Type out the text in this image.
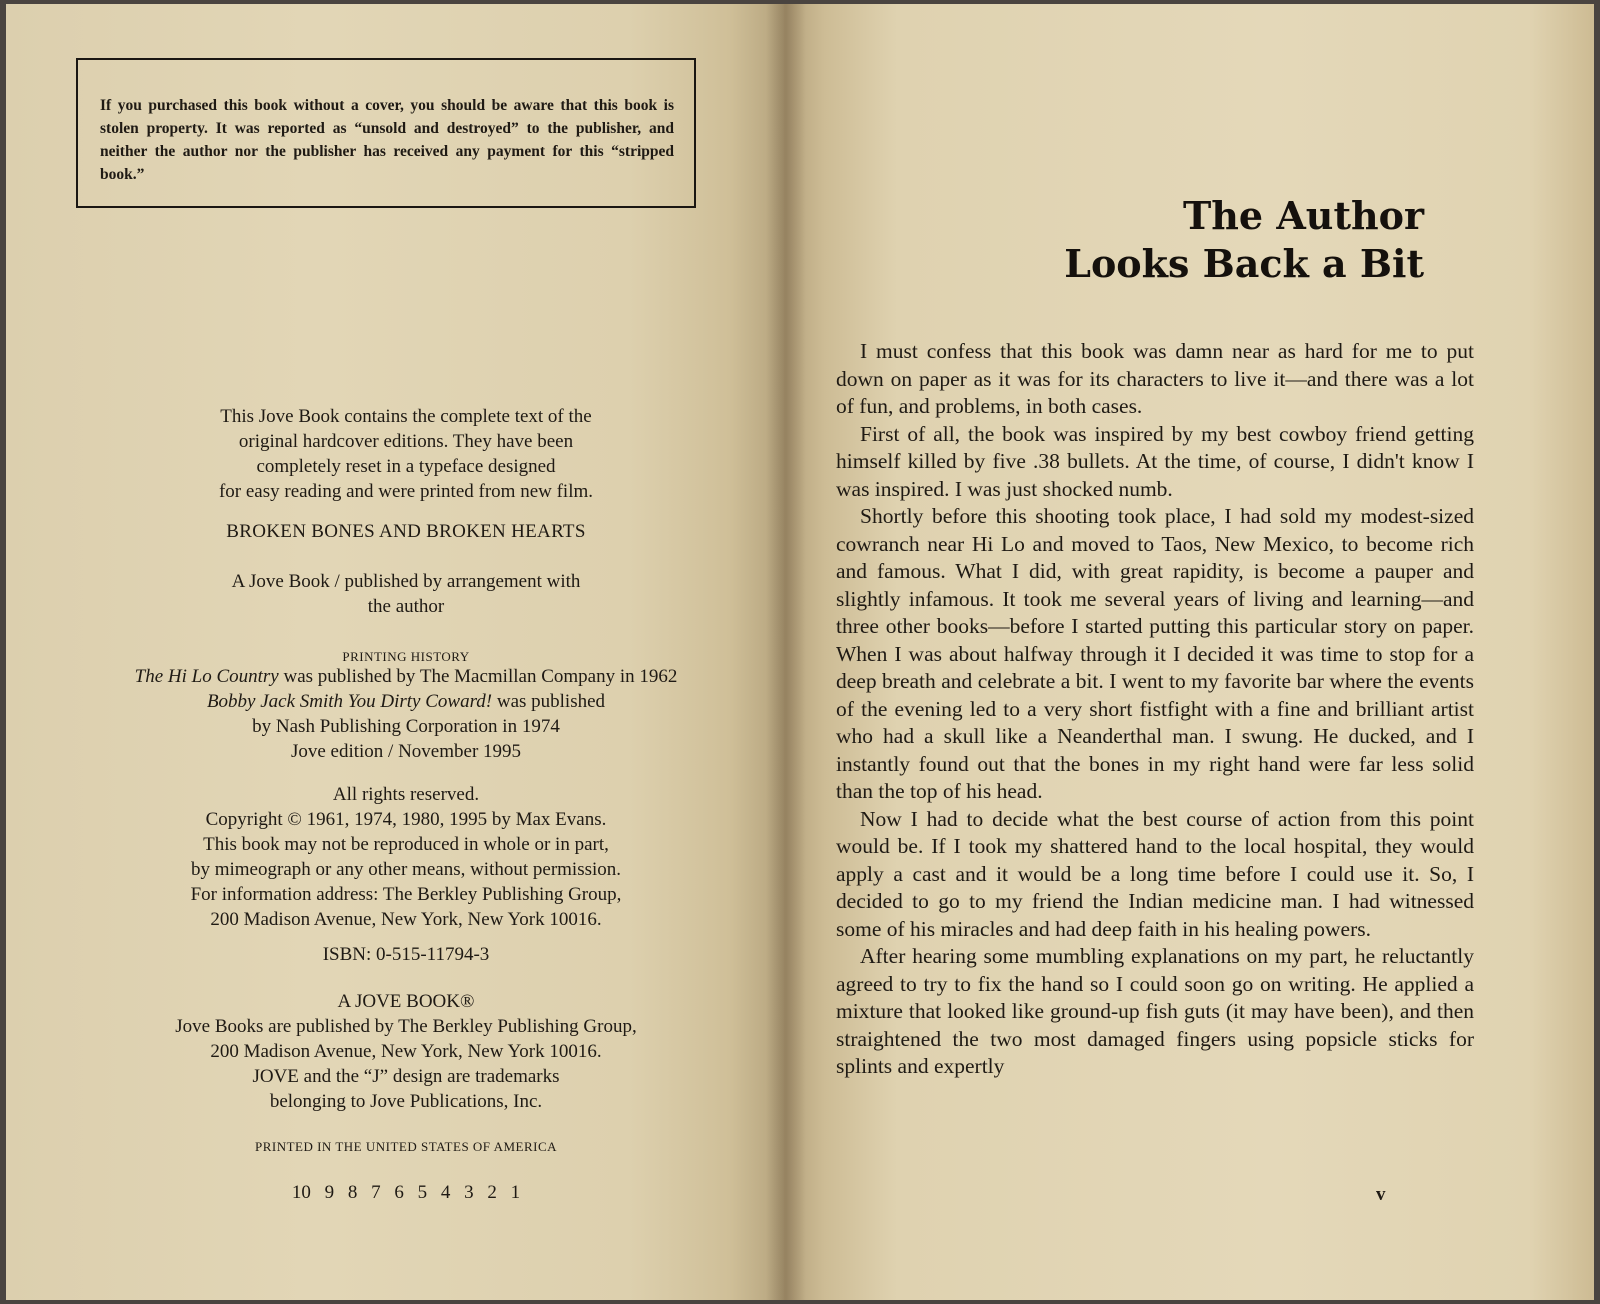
If you purchased this book without a cover, you should be aware that this book is stolen property. It was reported as “unsold and destroyed” to the publisher, and neither the author nor the publisher has received any payment for this “stripped book.”

This Jove Book contains the complete text of the

original hardcover editions. They have been

completely reset in a typeface designed

for easy reading and were printed from new film.

BROKEN BONES AND BROKEN HEARTS

A Jove Book / published by arrangement with

the author

PRINTING HISTORY

The Hi Lo Country was published by The Macmillan Company in 1962

Bobby Jack Smith You Dirty Coward! was published

by Nash Publishing Corporation in 1974

Jove edition / November 1995

All rights reserved.

Copyright © 1961, 1974, 1980, 1995 by Max Evans.

This book may not be reproduced in whole or in part,

by mimeograph or any other means, without permission.

For information address: The Berkley Publishing Group,

200 Madison Avenue, New York, New York 10016.

ISBN: 0-515-11794-3

A JOVE BOOK®

Jove Books are published by The Berkley Publishing Group,

200 Madison Avenue, New York, New York 10016.

JOVE and the “J” design are trademarks

belonging to Jove Publications, Inc.

PRINTED IN THE UNITED STATES OF AMERICA
10 9 8 7 6 5 4 3 2 1
The Author
Looks Back a Bit

I must confess that this book was damn near as hard for me to put down on paper as it was for its characters to live it—and there was a lot of fun, and problems, in both cases.

First of all, the book was inspired by my best cowboy friend getting himself killed by five .38 bullets. At the time, of course, I didn't know I was inspired. I was just shocked numb.

Shortly before this shooting took place, I had sold my modest-sized cowranch near Hi Lo and moved to Taos, New Mexico, to become rich and famous. What I did, with great rapidity, is become a pauper and slightly infamous. It took me several years of living and learning—and three other books—before I started putting this particular story on paper. When I was about halfway through it I decided it was time to stop for a deep breath and celebrate a bit. I went to my favorite bar where the events of the evening led to a very short fistfight with a fine and brilliant artist who had a skull like a Neanderthal man. I swung. He ducked, and I instantly found out that the bones in my right hand were far less solid than the top of his head.

Now I had to decide what the best course of action from this point would be. If I took my shattered hand to the local hospital, they would apply a cast and it would be a long time before I could use it. So, I decided to go to my friend the Indian medicine man. I had witnessed some of his miracles and had deep faith in his healing powers.

After hearing some mumbling explanations on my part, he reluctantly agreed to try to fix the hand so I could soon go on writing. He applied a mixture that looked like ground-up fish guts (it may have been), and then straightened the two most damaged fingers using popsicle sticks for splints and expertly

v
